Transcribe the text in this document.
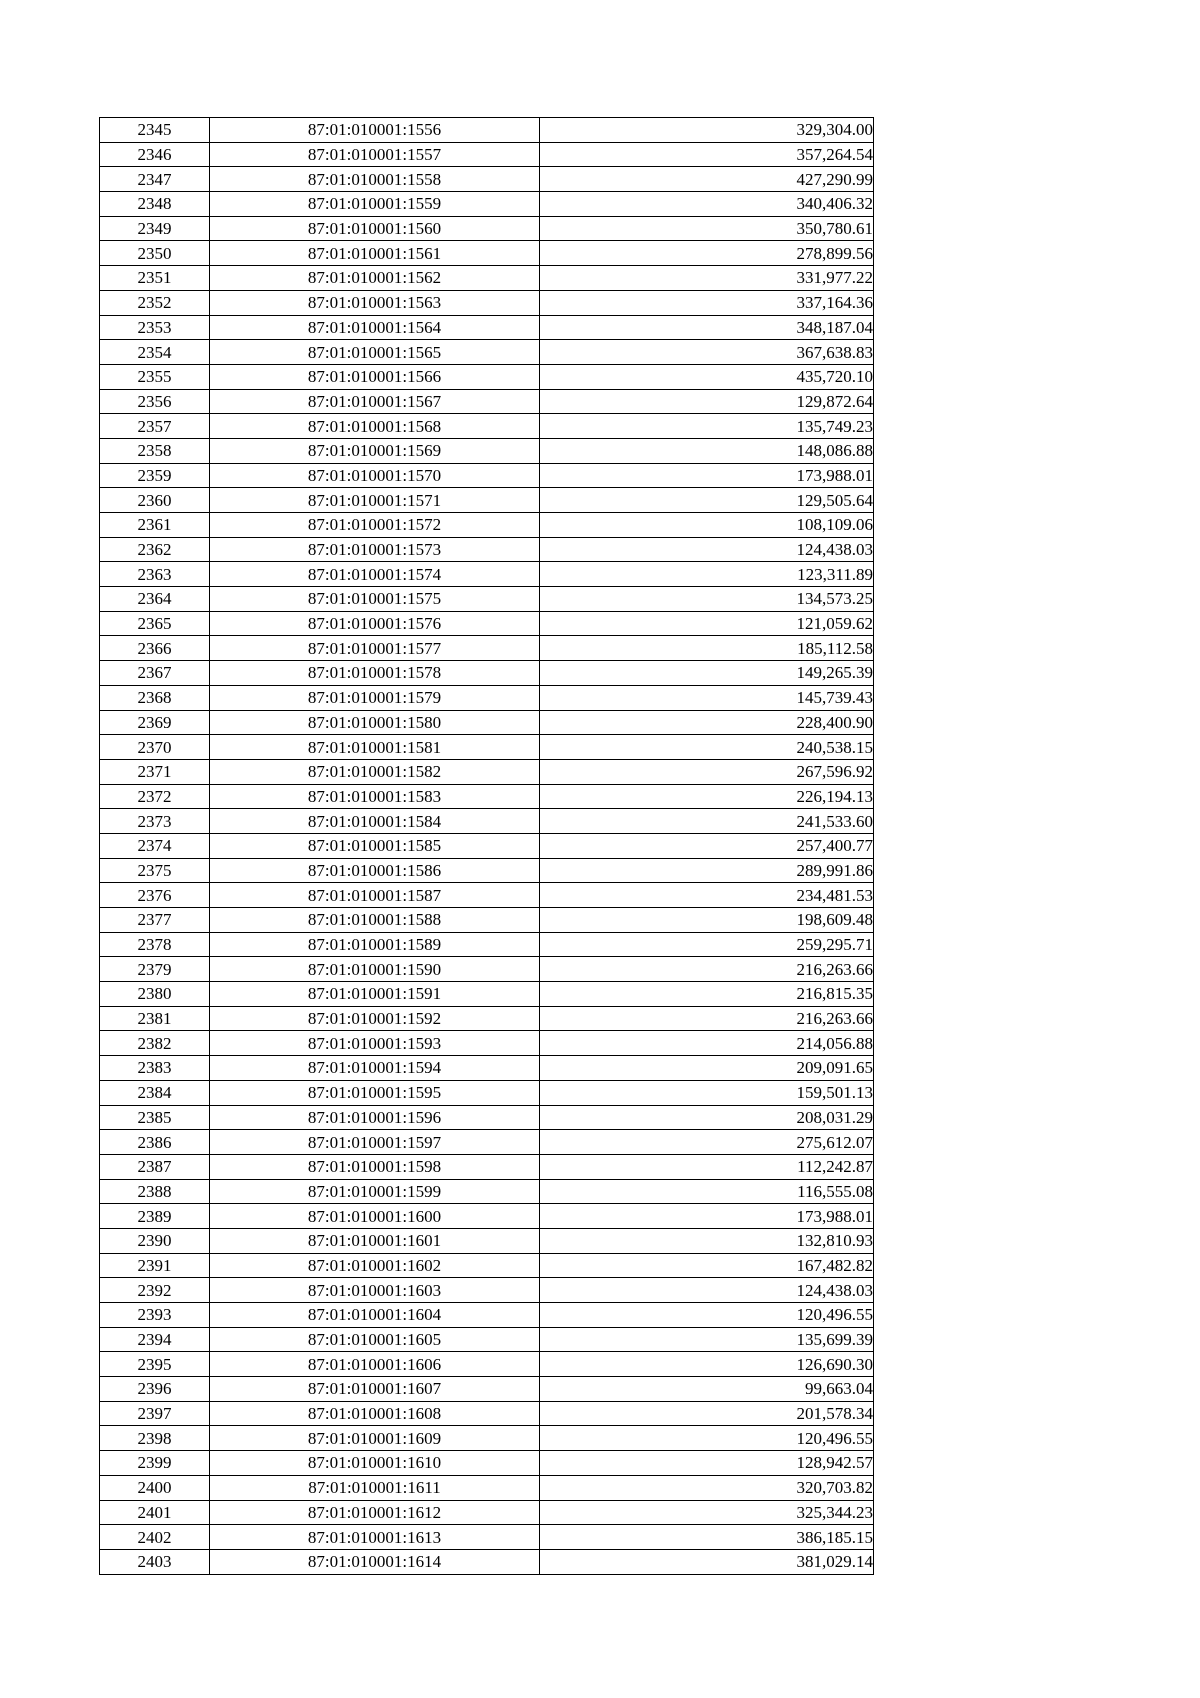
2345	87:01:010001:1556	329,304.00
2346	87:01:010001:1557	357,264.54
2347	87:01:010001:1558	427,290.99
2348	87:01:010001:1559	340,406.32
2349	87:01:010001:1560	350,780.61
2350	87:01:010001:1561	278,899.56
2351	87:01:010001:1562	331,977.22
2352	87:01:010001:1563	337,164.36
2353	87:01:010001:1564	348,187.04
2354	87:01:010001:1565	367,638.83
2355	87:01:010001:1566	435,720.10
2356	87:01:010001:1567	129,872.64
2357	87:01:010001:1568	135,749.23
2358	87:01:010001:1569	148,086.88
2359	87:01:010001:1570	173,988.01
2360	87:01:010001:1571	129,505.64
2361	87:01:010001:1572	108,109.06
2362	87:01:010001:1573	124,438.03
2363	87:01:010001:1574	123,311.89
2364	87:01:010001:1575	134,573.25
2365	87:01:010001:1576	121,059.62
2366	87:01:010001:1577	185,112.58
2367	87:01:010001:1578	149,265.39
2368	87:01:010001:1579	145,739.43
2369	87:01:010001:1580	228,400.90
2370	87:01:010001:1581	240,538.15
2371	87:01:010001:1582	267,596.92
2372	87:01:010001:1583	226,194.13
2373	87:01:010001:1584	241,533.60
2374	87:01:010001:1585	257,400.77
2375	87:01:010001:1586	289,991.86
2376	87:01:010001:1587	234,481.53
2377	87:01:010001:1588	198,609.48
2378	87:01:010001:1589	259,295.71
2379	87:01:010001:1590	216,263.66
2380	87:01:010001:1591	216,815.35
2381	87:01:010001:1592	216,263.66
2382	87:01:010001:1593	214,056.88
2383	87:01:010001:1594	209,091.65
2384	87:01:010001:1595	159,501.13
2385	87:01:010001:1596	208,031.29
2386	87:01:010001:1597	275,612.07
2387	87:01:010001:1598	112,242.87
2388	87:01:010001:1599	116,555.08
2389	87:01:010001:1600	173,988.01
2390	87:01:010001:1601	132,810.93
2391	87:01:010001:1602	167,482.82
2392	87:01:010001:1603	124,438.03
2393	87:01:010001:1604	120,496.55
2394	87:01:010001:1605	135,699.39
2395	87:01:010001:1606	126,690.30
2396	87:01:010001:1607	99,663.04
2397	87:01:010001:1608	201,578.34
2398	87:01:010001:1609	120,496.55
2399	87:01:010001:1610	128,942.57
2400	87:01:010001:1611	320,703.82
2401	87:01:010001:1612	325,344.23
2402	87:01:010001:1613	386,185.15
2403	87:01:010001:1614	381,029.14
